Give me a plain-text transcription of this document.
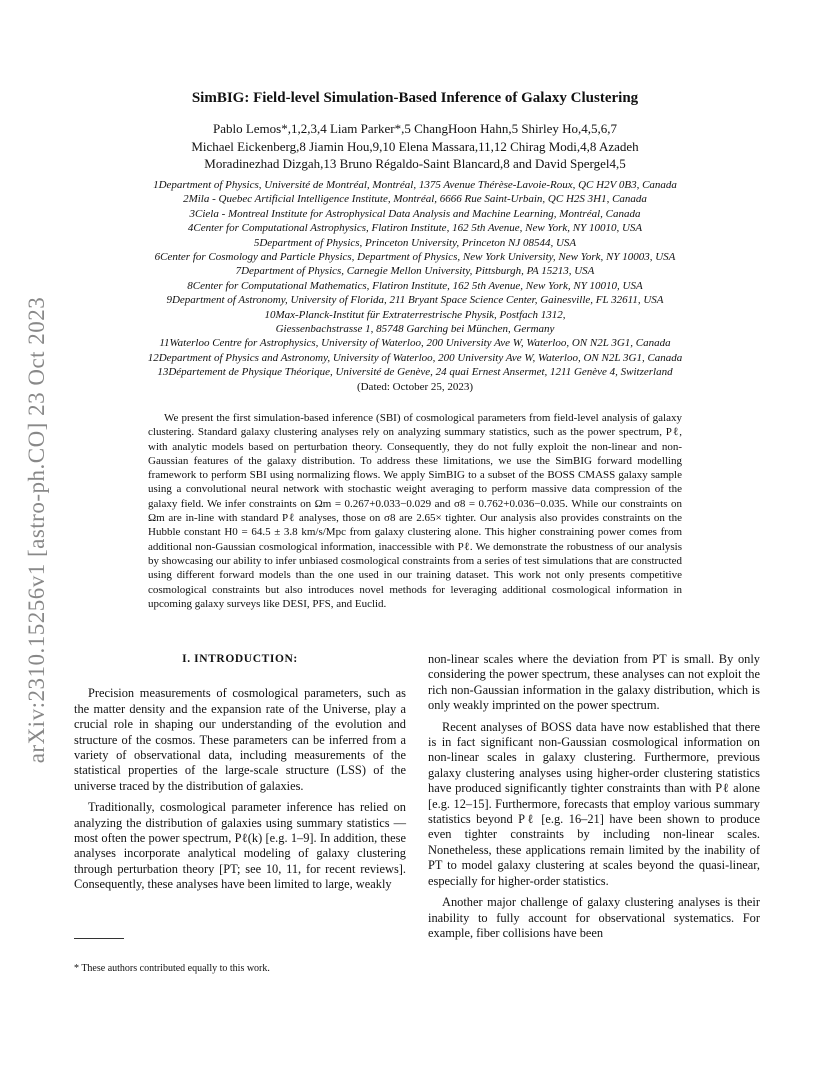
arXiv:2310.15256v1 [astro-ph.CO] 23 Oct 2023
SimBIG: Field-level Simulation-Based Inference of Galaxy Clustering
Pablo Lemos*,1,2,3,4 Liam Parker*,5 ChangHoon Hahn,5 Shirley Ho,4,5,6,7
Michael Eickenberg,8 Jiamin Hou,9,10 Elena Massara,11,12 Chirag Modi,4,8 Azadeh
Moradinezhad Dizgah,13 Bruno Régaldo-Saint Blancard,8 and David Spergel4,5
1Department of Physics, Université de Montréal, Montréal, 1375 Avenue Thérèse-Lavoie-Roux, QC H2V 0B3, Canada
2Mila - Quebec Artificial Intelligence Institute, Montréal, 6666 Rue Saint-Urbain, QC H2S 3H1, Canada
3Ciela - Montreal Institute for Astrophysical Data Analysis and Machine Learning, Montréal, Canada
4Center for Computational Astrophysics, Flatiron Institute, 162 5th Avenue, New York, NY 10010, USA
5Department of Physics, Princeton University, Princeton NJ 08544, USA
6Center for Cosmology and Particle Physics, Department of Physics, New York University, New York, NY 10003, USA
7Department of Physics, Carnegie Mellon University, Pittsburgh, PA 15213, USA
8Center for Computational Mathematics, Flatiron Institute, 162 5th Avenue, New York, NY 10010, USA
9Department of Astronomy, University of Florida, 211 Bryant Space Science Center, Gainesville, FL 32611, USA
10Max-Planck-Institut für Extraterrestrische Physik, Postfach 1312,
Giessenbachstrasse 1, 85748 Garching bei München, Germany
11Waterloo Centre for Astrophysics, University of Waterloo, 200 University Ave W, Waterloo, ON N2L 3G1, Canada
12Department of Physics and Astronomy, University of Waterloo, 200 University Ave W, Waterloo, ON N2L 3G1, Canada
13Département de Physique Théorique, Université de Genève, 24 quai Ernest Ansermet, 1211 Genève 4, Switzerland
(Dated: October 25, 2023)

We present the first simulation-based inference (SBI) of cosmological parameters from field-level analysis of galaxy clustering. Standard galaxy clustering analyses rely on analyzing summary statistics, such as the power spectrum, Pℓ, with analytic models based on perturbation theory. Consequently, they do not fully exploit the non-linear and non-Gaussian features of the galaxy distribution. To address these limitations, we use the SimBIG forward modelling framework to perform SBI using normalizing flows. We apply SimBIG to a subset of the BOSS CMASS galaxy sample using a convolutional neural network with stochastic weight averaging to perform massive data compression of the galaxy field. We infer constraints on Ωm = 0.267+0.033−0.029 and σ8 = 0.762+0.036−0.035. While our constraints on Ωm are in-line with standard Pℓ analyses, those on σ8 are 2.65× tighter. Our analysis also provides constraints on the Hubble constant H0 = 64.5 ± 3.8 km/s/Mpc from galaxy clustering alone. This higher constraining power comes from additional non-Gaussian cosmological information, inaccessible with Pℓ. We demonstrate the robustness of our analysis by showcasing our ability to infer unbiased cosmological constraints from a series of test simulations that are constructed using different forward models than the one used in our training dataset. This work not only presents competitive cosmological constraints but also introduces novel methods for leveraging additional cosmological information in upcoming galaxy surveys like DESI, PFS, and Euclid.

I. INTRODUCTION:

Precision measurements of cosmological parameters, such as the matter density and the expansion rate of the Universe, play a crucial role in shaping our understanding of the evolution and structure of the cosmos. These parameters can be inferred from a variety of observational data, including measurements of the statistical properties of the large-scale structure (LSS) of the universe traced by the distribution of galaxies.

Traditionally, cosmological parameter inference has relied on analyzing the distribution of galaxies using summary statistics — most often the power spectrum, Pℓ(k) [e.g. 1–9]. In addition, these analyses incorporate analytical modeling of galaxy clustering through perturbation theory [PT; see 10, 11, for recent reviews]. Consequently, these analyses have been limited to large, weakly

non-linear scales where the deviation from PT is small. By only considering the power spectrum, these analyses can not exploit the rich non-Gaussian information in the galaxy distribution, which is only weakly imprinted on the power spectrum.

Recent analyses of BOSS data have now established that there is in fact significant non-Gaussian cosmological information on non-linear scales in galaxy clustering. Furthermore, previous galaxy clustering analyses using higher-order clustering statistics have produced significantly tighter constraints than with Pℓ alone [e.g. 12–15]. Furthermore, forecasts that employ various summary statistics beyond Pℓ [e.g. 16–21] have been shown to produce even tighter constraints by including non-linear scales. Nonetheless, these applications remain limited by the inability of PT to model galaxy clustering at scales beyond the quasi-linear, especially for higher-order statistics.

Another major challenge of galaxy clustering analyses is their inability to fully account for observational systematics. For example, fiber collisions have been

* These authors contributed equally to this work.
